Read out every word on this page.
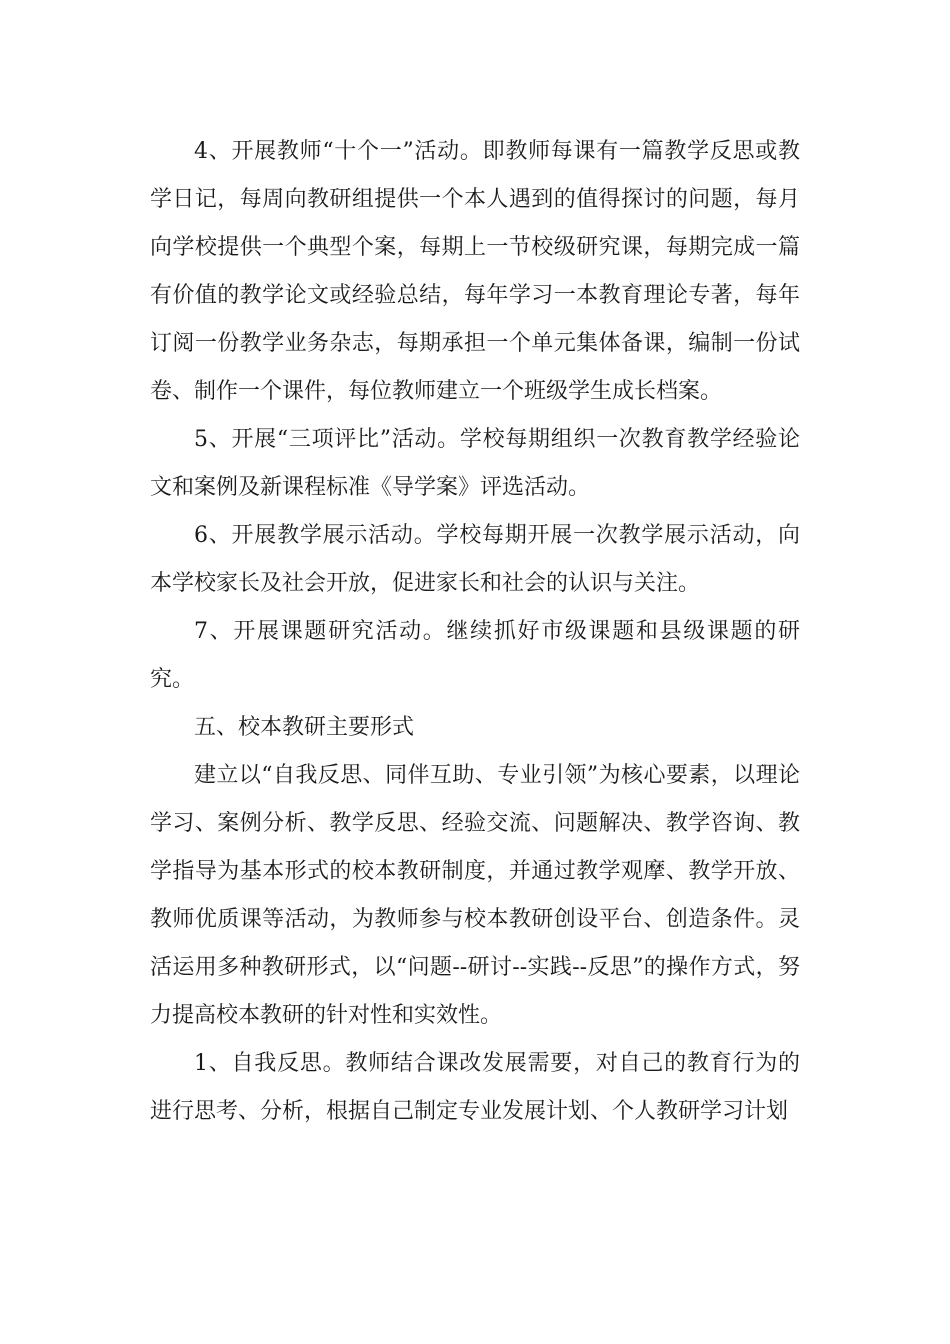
4、开展教师“十个一”活动。即教师每课有一篇教学反思或教学日记，每周向教研组提供一个本人遇到的值得探讨的问题，每月向学校提供一个典型个案，每期上一节校级研究课，每期完成一篇有价值的教学论文或经验总结，每年学习一本教育理论专著，每年订阅一份教学业务杂志，每期承担一个单元集体备课，编制一份试卷、制作一个课件，每位教师建立一个班级学生成长档案。

5、开展“三项评比”活动。学校每期组织一次教育教学经验论文和案例及新课程标准《导学案》评选活动。

6、开展教学展示活动。学校每期开展一次教学展示活动，向本学校家长及社会开放，促进家长和社会的认识与关注。

7、开展课题研究活动。继续抓好市级课题和县级课题的研究。

五、校本教研主要形式

建立以“自我反思、同伴互助、专业引领”为核心要素，以理论学习、案例分析、教学反思、经验交流、问题解决、教学咨询、教学指导为基本形式的校本教研制度，并通过教学观摩、教学开放、教师优质课等活动，为教师参与校本教研创设平台、创造条件。灵活运用多种教研形式，以“问题--研讨--实践--反思”的操作方式，努力提高校本教研的针对性和实效性。

1、自我反思。教师结合课改发展需要，对自己的教育行为的进行思考、分析，根据自己制定专业发展计划、个人教研学习计划
